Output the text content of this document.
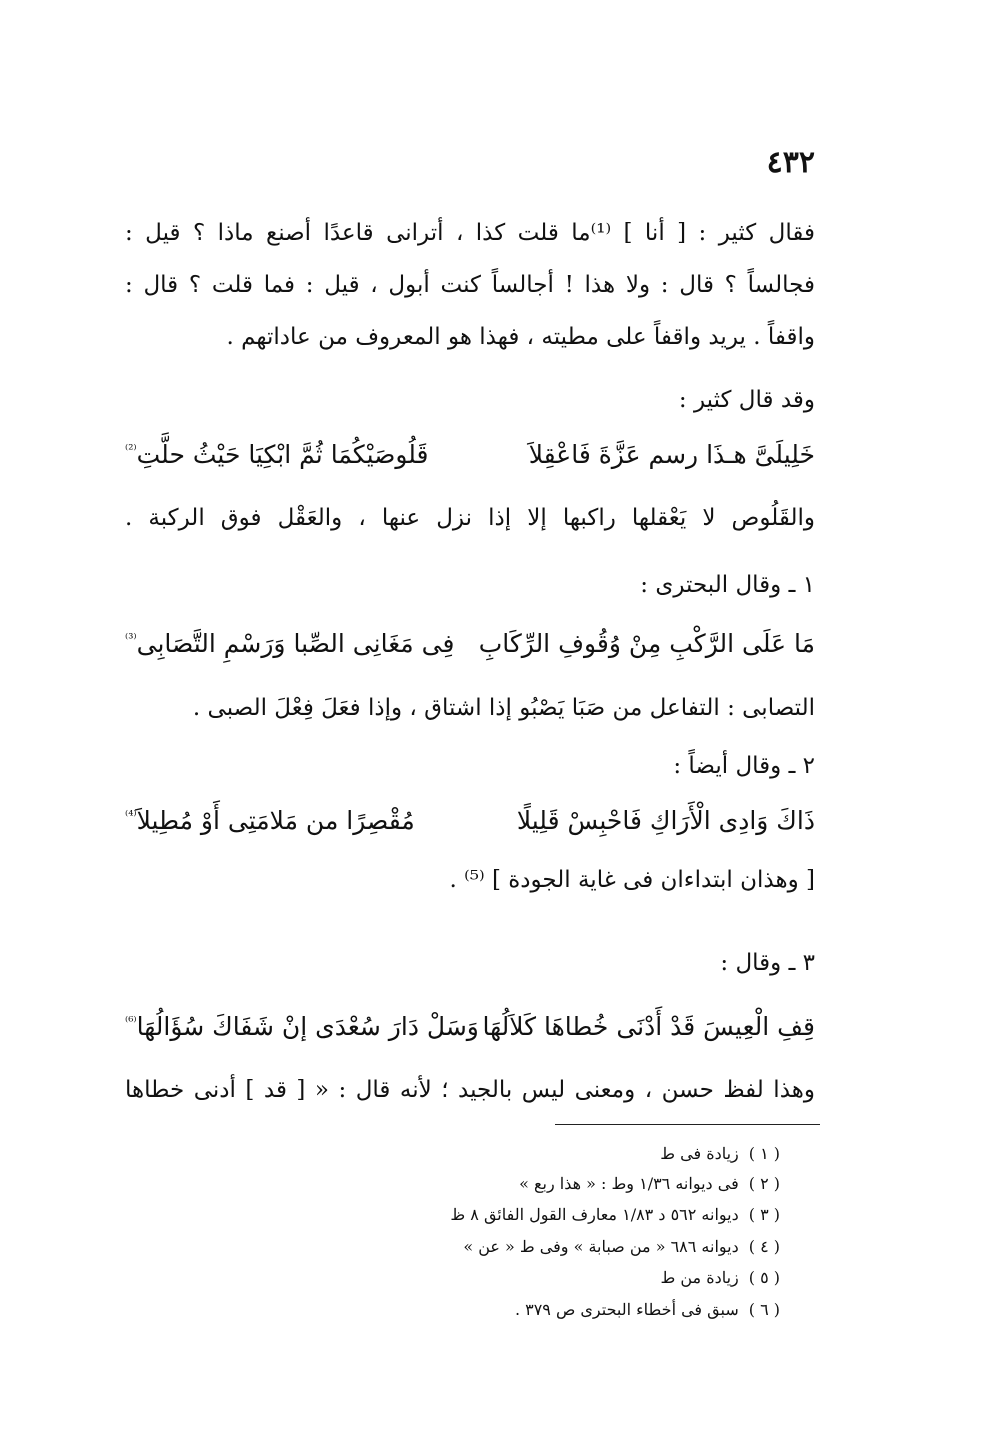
٤٣٢
فقال كثير : [ أنا ] ⁽¹⁾ما قلت كذا ، أترانى قاعدًا أصنع ماذا ؟ قيل :
فجالساً ؟ قال : ولا هذا ! أجالساً كنت أبول ، قيل : فما قلت ؟ قال :
واقفاً . يريد واقفاً على مطيته ، فهذا هو المعروف من عاداتهم .
وقد قال كثير :
خَلِيلَىَّ هـذَا رسم عَزَّةَ فَاعْقِلاَ
قَلُوصَيْكُمَا ثُمَّ ابْكِيَا حَيْثُ حلَّتِ$^{^{(2)}}$
والقَلُوص لا يَعْقلها راكبها إلا إذا نزل عنها ، والعَقْل فوق الركبة .
١ ـ وقال البحترى :
مَا عَلَى الرَّكْبِ مِنْ وُقُوفِ الرِّكَابِ
فِى مَغَانِى الصِّبا وَرَسْمِ التَّصَابِى$^{^{(3)}}$
التصابى : التفاعل من صَبَا يَصْبُو إذا اشتاق ، وإذا فعَلَ فِعْلَ الصبى .
٢ ـ وقال أيضاً :
ذَاكَ وَادِى الْأَرَاكِ فَاحْبِسْ قَلِيلًا
مُقْصِرًا من مَلامَتِى أَوْ مُطِيلاَ$^{^{(4)}}$
[ وهذان ابتداءان فى غاية الجودة ] ⁽⁵⁾ .
٣ ـ وقال :
قِفِ الْعِيسَ قَدْ أَدْنَى خُطاهَا كَلاَلُهَا
وَسَلْ دَارَ سُعْدَى إنْ شَفَاكَ سُؤَالُهَا$^{^{(6)}}$
وهذا لفظ حسن ، ومعنى ليس بالجيد ؛ لأنه قال : « [ قد ] أدنى خطاها
( ١ )زيادة فى ط
( ٢ )فى ديوانه ١/٣٦ وط : « هذا ربع »
( ٣ )ديوانه ٥٦٢ د ١/٨٣ معارف القول الفائق ٨ ظ
( ٤ )ديوانه ٦٨٦ « من صبابة » وفى ط « عن »
( ٥ )زيادة من ط
( ٦ )سبق فى أخطاء البحترى ص ٣٧٩ .
